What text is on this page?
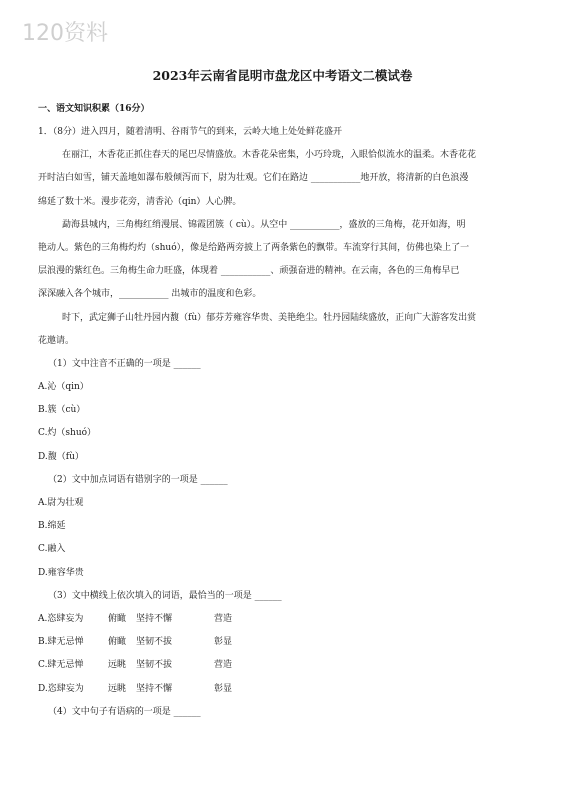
120资料
2023年云南省昆明市盘龙区中考语文二模试卷
一、语文知识积累（16分）
1．（8分）进入四月，随着清明、谷雨节气的到来，云岭大地上处处鲜花盛开
在丽江，木香花正抓住春天的尾巴尽情盛放。木香花朵密集，小巧玲珑，入眼恰似流水的温柔。木香花花
开时洁白如雪，铺天盖地如瀑布般倾泻而下，尉为壮观。它们在路边 ___________地开放，将清新的白色浪漫
绵延了数十米。漫步花旁，清香沁（qin）人心脾。
勐海县城内，三角梅红绡漫展、锦霞团簇（ cù）。从空中 ___________，盛放的三角梅，花开如海，明
艳动人。紫色的三角梅灼灼（shuó），像是给路两旁披上了两条紫色的飘带。车流穿行其间，仿佛也染上了一
层浪漫的紫红色。三角梅生命力旺盛，体现着 ___________、顽强奋进的精神。在云南，各色的三角梅早已
深深融入各个城市，___________ 出城市的温度和色彩。
时下，武定狮子山牡丹园内馥（fù）郁芬芳雍容华贵、美艳绝尘。牡丹园陆续盛放，正向广大游客发出赏
花邀请。
（1）文中注音不正确的一项是 ______
A.沁（qin）
B.簇（cù）
C.灼（shuó）
D.馥（fù）
（2）文中加点词语有错别字的一项是 ______
A.尉为壮观
B.绵延
C.融入
D.雍容华贵
（3）文中横线上依次填入的词语，最恰当的一项是 ______
A.恣肆妄为	俯瞰 坚持不懈	营造
B.肆无忌惮	俯瞰 坚韧不拔	彰显
C.肆无忌惮	远眺 坚韧不拔	营造
D.恣肆妄为	远眺 坚持不懈	彰显
（4）文中句子有语病的一项是 ______
